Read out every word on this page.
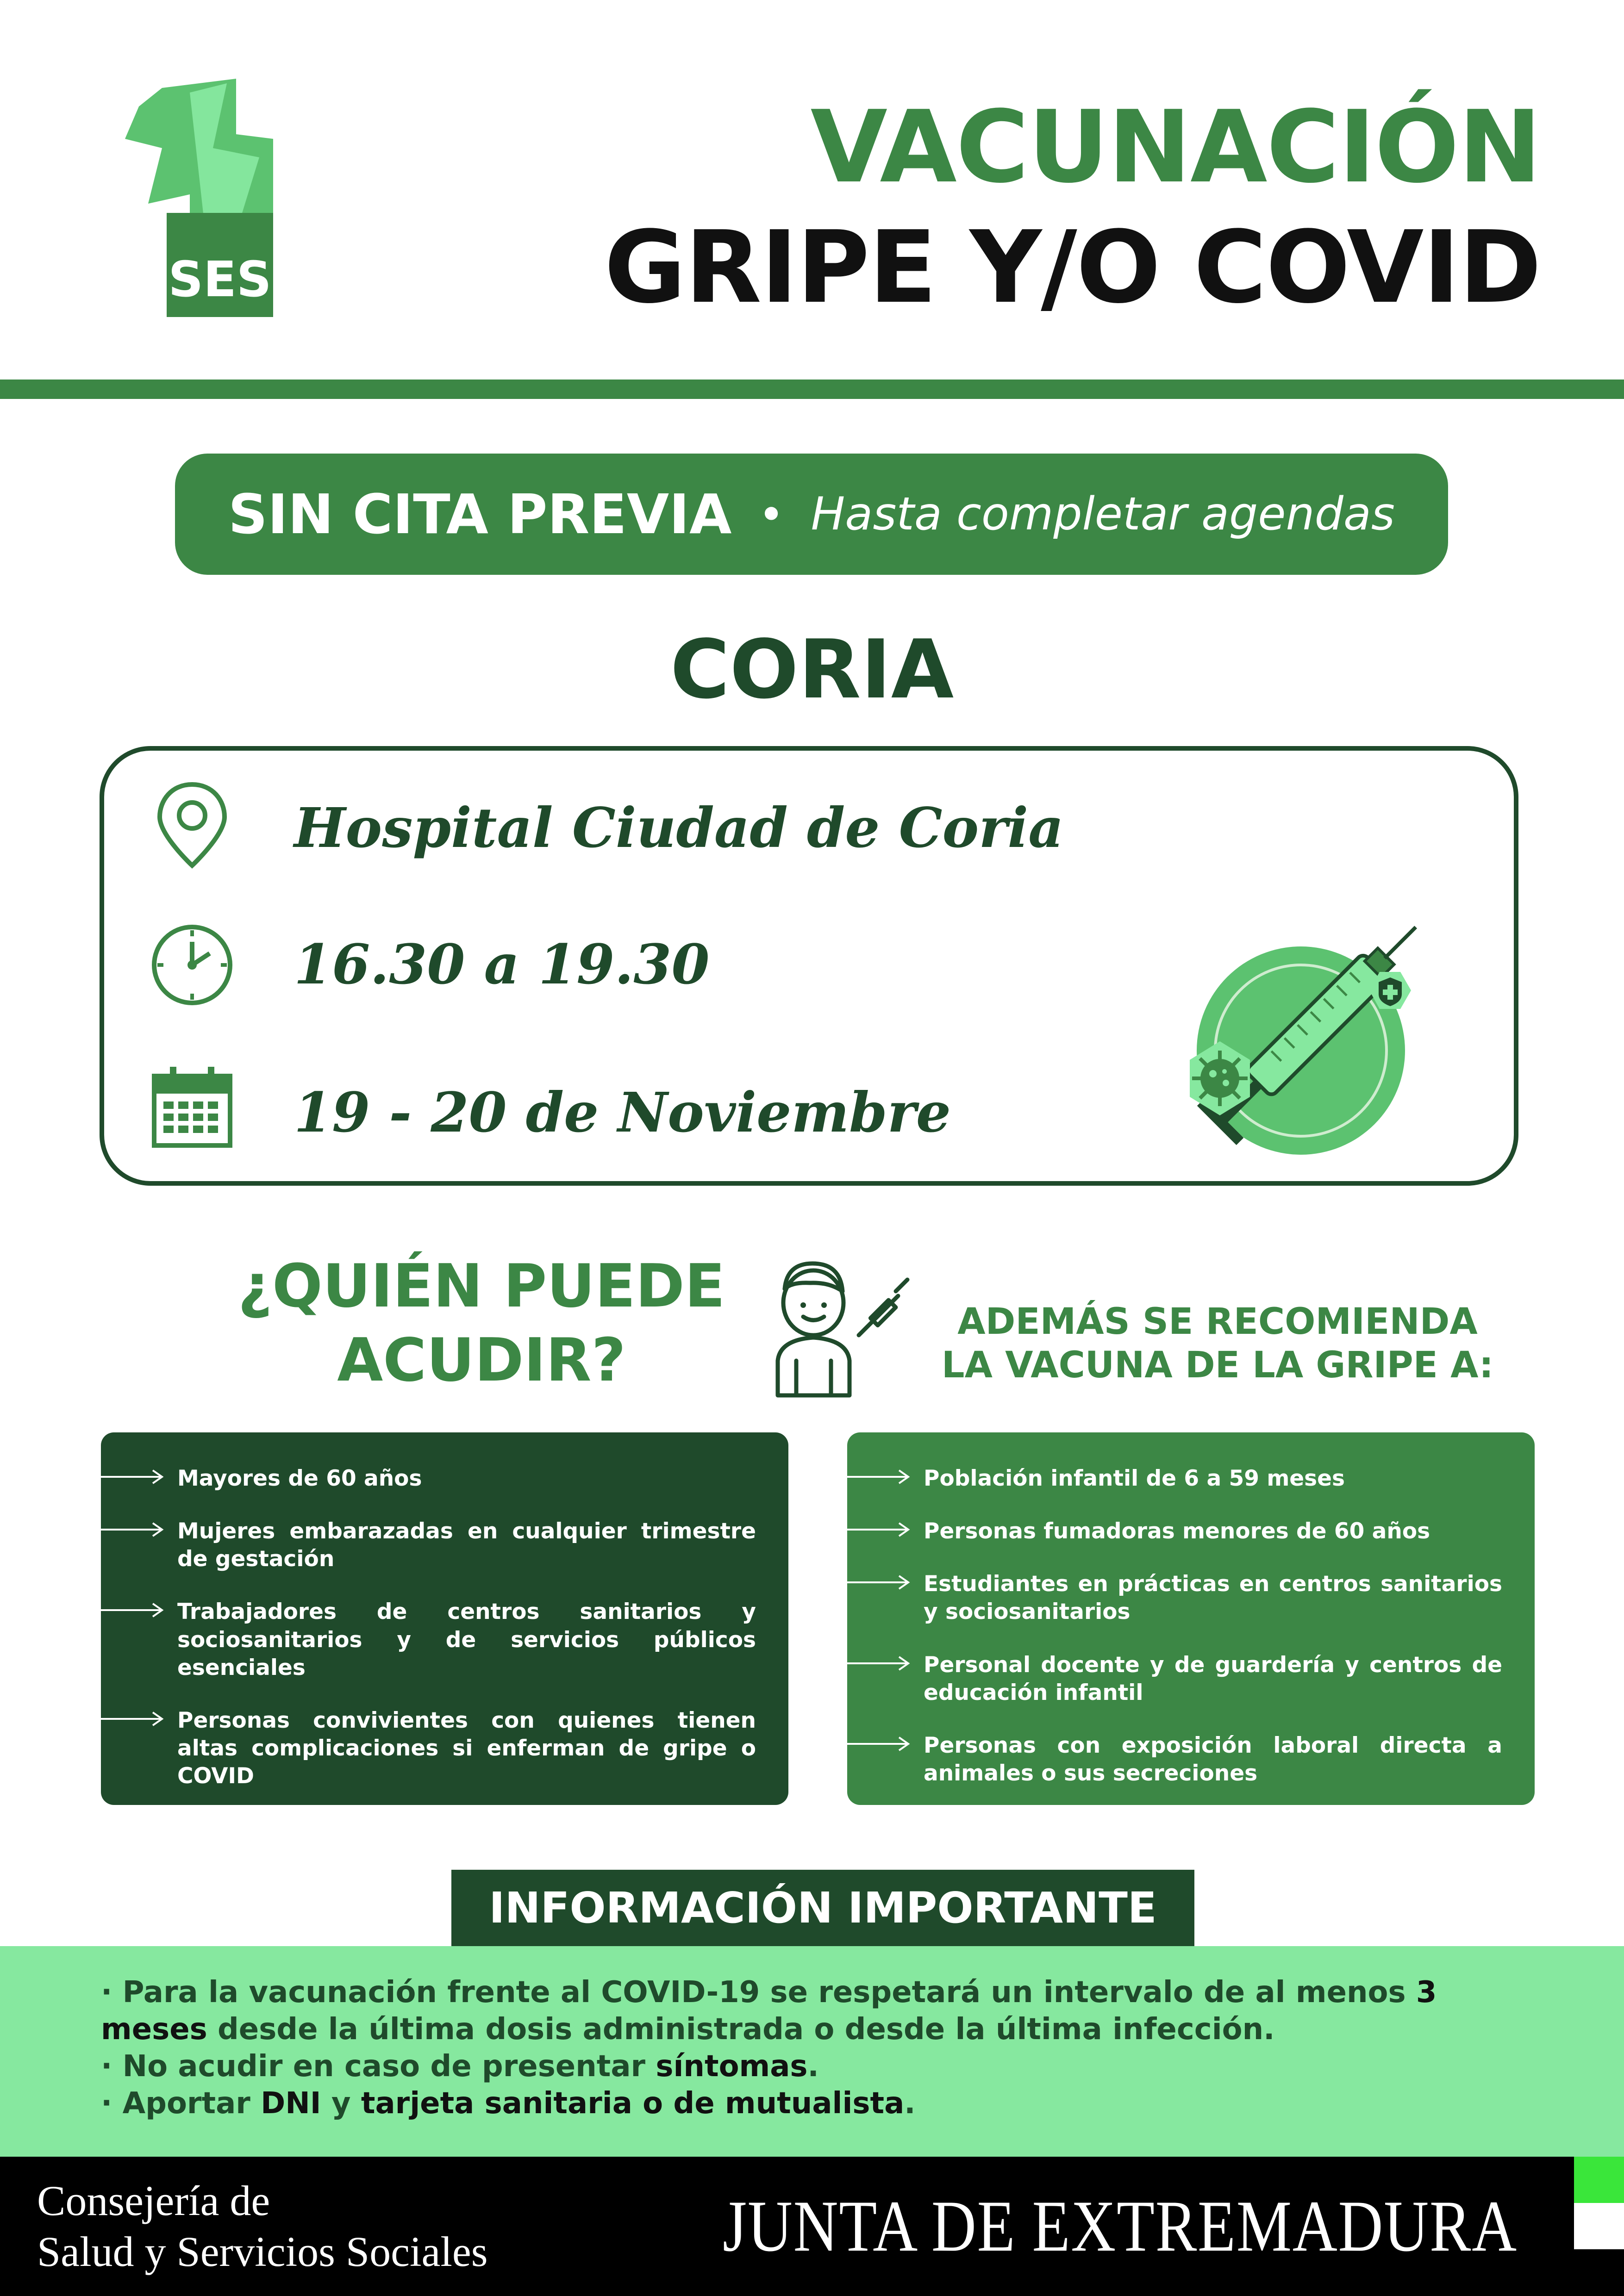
SES
VACUNACIÓN
GRIPE Y/O COVID
SIN CITA PREVIA • Hasta completar agendas
CORIA
Hospital Ciudad de Coria
16.30 a 19.30
19 - 20 de Noviembre
¿QUIÉN PUEDE
ACUDIR?
ADEMÁS SE RECOMIENDA
LA VACUNA DE LA GRIPE A:
Mayores de 60 años
Mujeres embarazadas en cualquier trimestre de gestación
Trabajadores de centros sanitarios y sociosanitarios y de servicios públicos esenciales
Personas convivientes con quienes tienen altas complicaciones si enferman de gripe o COVID
Menores de 60 años con condiciones de riesgo
Población infantil de 6 a 59 meses
Personas fumadoras menores de 60 años
Estudiantes en prácticas en centros sanitarios y sociosanitarios
Personal docente y de guardería y centros de educación infantil
Personas con exposición laboral directa a animales o sus secreciones
INFORMACIÓN IMPORTANTE
· Para la vacunación frente al COVID-19 se respetará un intervalo de al menos 3 meses desde la última dosis administrada o desde la última infección.
· No acudir en caso de presentar síntomas.
· Aportar DNI y tarjeta sanitaria o de mutualista.
Consejería de
Salud y Servicios Sociales	JUNTA DE EXTREMADURA
